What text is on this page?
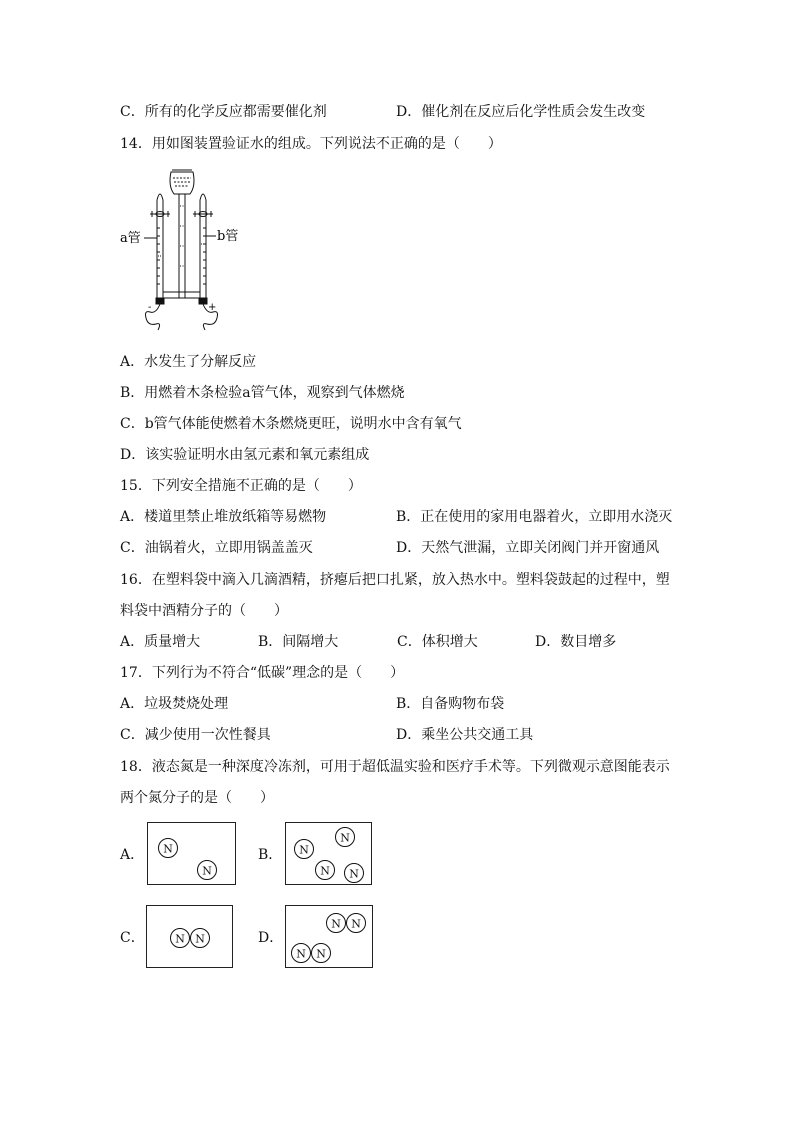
C．所有的化学反应都需要催化剂	D．催化剂在反应后化学性质会发生改变
14．用如图装置验证水的组成。下列说法不正确的是（　　）
-	+
a管	b管
A．水发生了分解反应
B．用燃着木条检验a管气体，观察到气体燃烧
C．b管气体能使燃着木条燃烧更旺，说明水中含有氧气
D．该实验证明水由氢元素和氧元素组成
15．下列安全措施不正确的是（　　）
A．楼道里禁止堆放纸箱等易燃物	B．正在使用的家用电器着火，立即用水浇灭
C．油锅着火，立即用锅盖盖灭	D．天然气泄漏，立即关闭阀门并开窗通风
16．在塑料袋中滴入几滴酒精，挤瘪后把口扎紧，放入热水中。塑料袋鼓起的过程中，塑
料袋中酒精分子的（　　）
A．质量增大	B．间隔增大	C．体积增大	D．数目增多
17．下列行为不符合“低碳”理念的是（　　）
A．垃圾焚烧处理	B．自备购物布袋
C．减少使用一次性餐具	D．乘坐公共交通工具
18．液态氮是一种深度冷冻剂，可用于超低温实验和医疗手术等。下列微观示意图能表示
两个氮分子的是（　　）
A． N
N
B．
N
N
N N
C．	N N	D．
N N
N N
